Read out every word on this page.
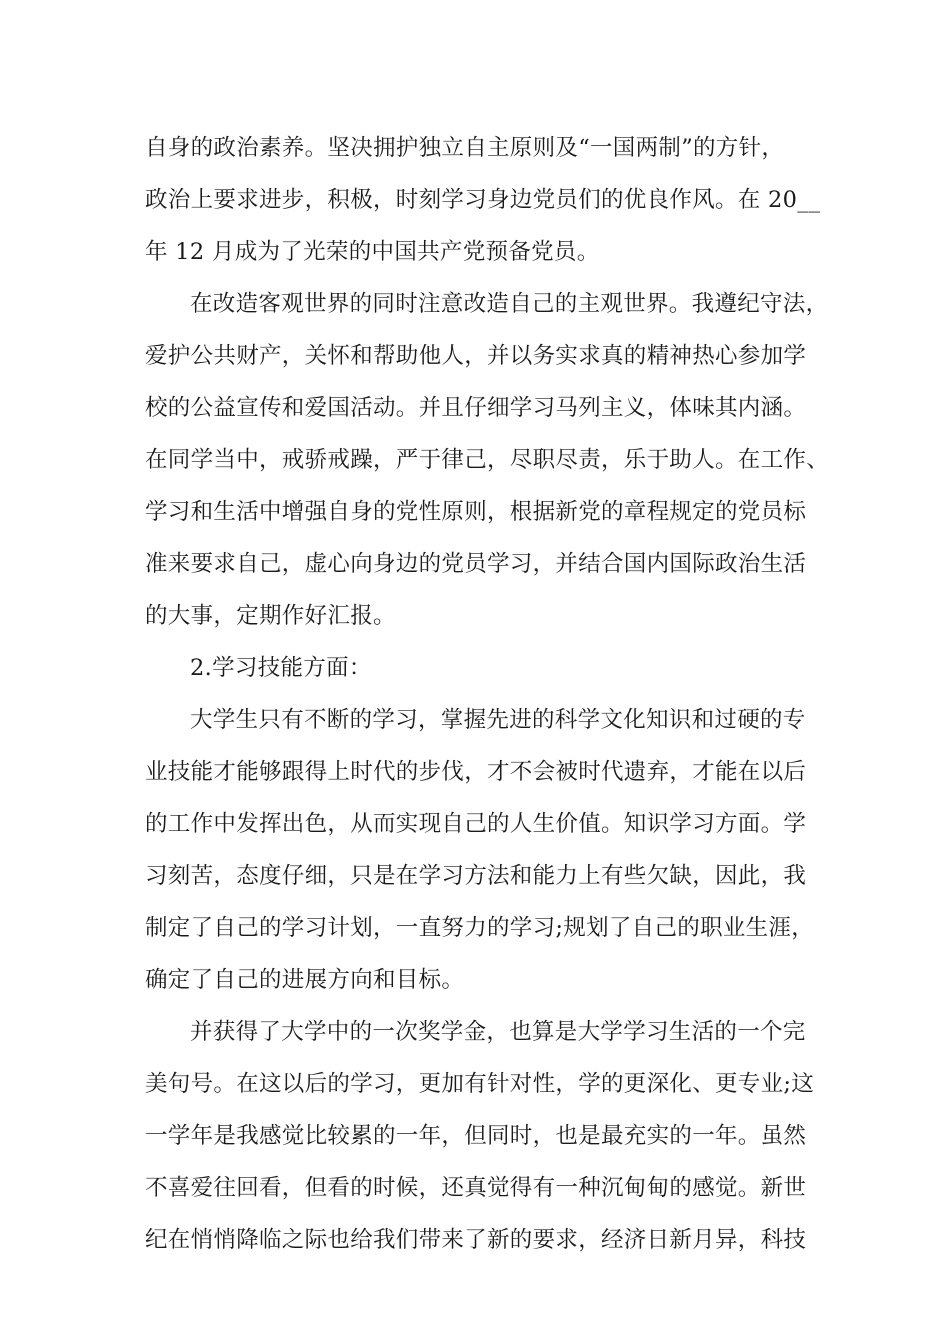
自身的政治素养。坚决拥护独立自主原则及“一国两制”的方针，
政治上要求进步，积极，时刻学习身边党员们的优良作风。在 20__
年 12 月成为了光荣的中国共产党预备党员。
在改造客观世界的同时注意改造自己的主观世界。我遵纪守法，
爱护公共财产，关怀和帮助他人，并以务实求真的精神热心参加学
校的公益宣传和爱国活动。并且仔细学习马列主义，体味其内涵。
在同学当中，戒骄戒躁，严于律己，尽职尽责，乐于助人。在工作、
学习和生活中增强自身的党性原则，根据新党的章程规定的党员标
准来要求自己，虚心向身边的党员学习，并结合国内国际政治生活
的大事，定期作好汇报。
2.学习技能方面：
大学生只有不断的学习，掌握先进的科学文化知识和过硬的专
业技能才能够跟得上时代的步伐，才不会被时代遗弃，才能在以后
的工作中发挥出色，从而实现自己的人生价值。知识学习方面。学
习刻苦，态度仔细，只是在学习方法和能力上有些欠缺，因此，我
制定了自己的学习计划，一直努力的学习;规划了自己的职业生涯，
确定了自己的进展方向和目标。
并获得了大学中的一次奖学金，也算是大学学习生活的一个完
美句号。在这以后的学习，更加有针对性，学的更深化、更专业;这
一学年是我感觉比较累的一年，但同时，也是最充实的一年。虽然
不喜爱往回看，但看的时候，还真觉得有一种沉甸甸的感觉。新世
纪在悄悄降临之际也给我们带来了新的要求，经济日新月异，科技
